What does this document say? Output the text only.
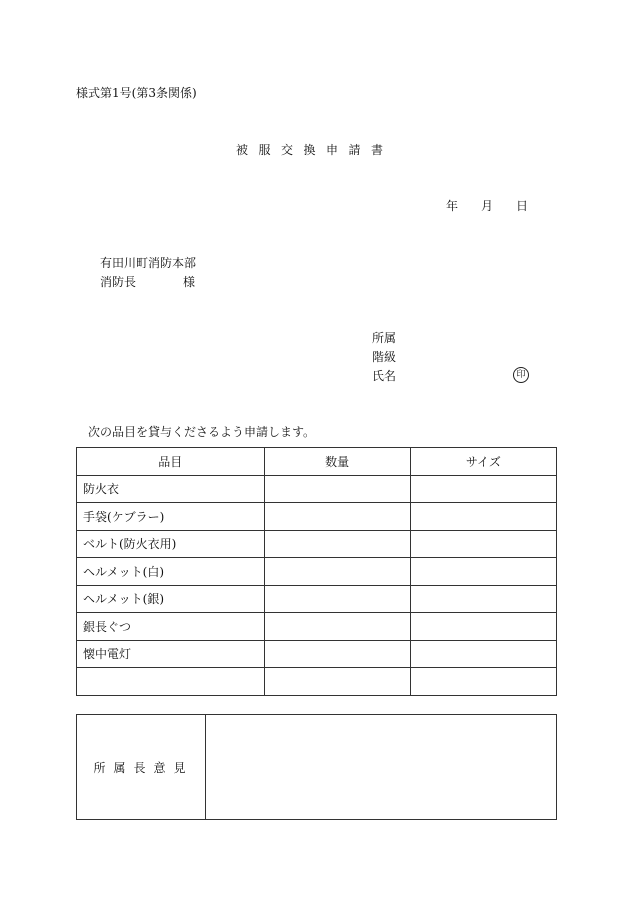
様式第1号(第3条関係)
被服交換申請書
年 月 日
有田川町消防本部
消防長	様
所属
階級
氏名	印
次の品目を貸与くださるよう申請します。
品目	数量	サイズ
防火衣		
手袋(ケブラー)		
ベルト(防火衣用)		
ヘルメット(白)		
ヘルメット(銀)		
銀長ぐつ		
懐中電灯		

所属長意見	
